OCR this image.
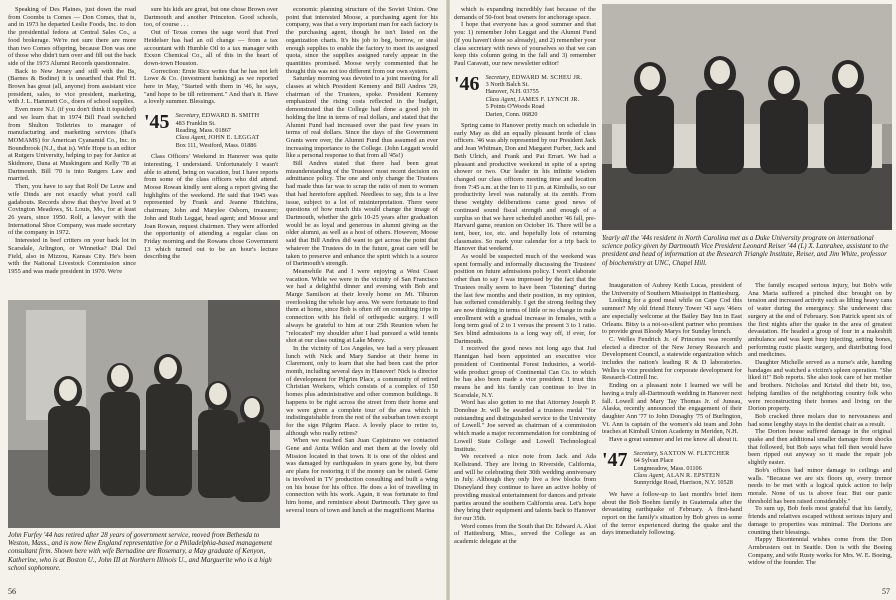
Speaking of Des Plaines, just down the road from Coombs is Comes — Don Comes, that is, and in 1973 he departed Leslie Foods, Inc. to don the presidential fedora at Central Sales Co., a food brokerage. We're not sure there are more than two Comes offspring, because Don was one of those who didn't turn over and fill out the back side of the 1973 Alumni Records questionnaire.

Back to New Jersey and still with the Bs, (Barnes & Bodine) it is unearthed that Phil H. Brown has great (all, anyone) from assistant vice president, sales, to vice president, marketing, with J. L. Hammett Co., doers of school supplies.

Even more N.J. (if you don't think it topsided) and we learn that in 1974 Bill Fead switched from Shulton Toiletries to manager of manufacturing and marketing services (that's MOMAMS) for American Cyanamid Co., Inc. in Boundbrook (N.J., that is). Wife Hope is an editor at Rutgers University, helping to pay for Janice at Skidmore, Dana at Muskingum and Kelly '78 at Dartmouth. Bill '70 is into Rutgers Law and married.

Then, you have to say that Rolf De Leuw and wife Dinds are not exactly what you'd call gadabouts. Records show that they've lived at 9 Covington Meadows, St. Louis, Mo., for at least 26 years, since 1950. Rolf, a lawyer with the International Shoe Company, was made secretary of the company in 1972.

Interested in beef critters on your back lot in Scarsdale, Arlington, or Winnetka? Dial Del Field, also in Mizzou, Kansas City. He's been with the National Livestock Commission since 1955 and was made president in 1970. We're

sure his kids are great, but one chose Brown over Dartmouth and another Princeton. Good schools, too, of course . . .

Out of Texas comes the sage word that Fred Heidelser has had an oil change — from a tax accountant with Humble Oil to a tax manager with Exxon Chemical Co., all of this in the heart of down-town Houston.

Correction: Ernie Rice writes that he has not left Lowe & Co. (investment banking) as we reported here in May, "Started with them in '46, he says, "and hope to be till retirement." And that's it. Have a lovely summer. Blessings.

'45 Secretary, EDWARD B. SMITH
483 Franklin St.
Reading, Mass. 01867
Class Agent, JOHN E. LEGGAT
Box 111, Westford, Mass. 01886

Class Officers' Weekend in Hanover was quite interesting, I understand. Unfortunately I wasn't able to attend, being on vacation, but I have reports from some of the class officers who did attend. Moose Rowan kindly sent along a report giving the highlights of the weekend. He said that 1945 was represented by Frank and Jeanne Hutchins, chairman; John and Marylee Osborn, treasurer; John and Ruth Leggat, head agent; and Moose and Joan Rowan, request chairmen. They were afforded the opportunity of attending a regular class on Friday morning and the Rowans chose Government 13 which turned out to be an hour's lecture describing the

economic planning structure of the Soviet Union. One point that interested Moose, a purchasing agent for his company, was that a very important man for each factory is the purchasing agent, though he isn't listed on the organization charts. It's his job to beg, borrow, or steal enough supplies to enable the factory to meet its assigned quota, since the supplies assigned rarely appear in the quantities promised. Moose wryly commented that he thought this was not too different from our own system.

Saturday morning was devoted to a joint meeting for all classes at which President Kemeny and Bill Andres '29, chairman of the Trustees, spoke. President Kemeny emphasized the rising costs reflected in the budget, demonstrated that the College had done a good job in holding the line in terms of real dollars, and stated that the Alumni Fund had increased over the past few years in terms of real dollars. Since the days of the Government Grants were over, the Alumni Fund thus assumed an ever increasing importance to the College. (John Leggatt would like a personal response to that from all '45s!)

Bill Andres stated that there had been great misunderstanding of the Trustees' most recent decision on admittance policy. The one and only change the Trustees had made thus far was to scrap the ratio of men to women that had heretofore applied. Needless to say, this is a live issue, subject to a lot of misinterpretation. There were questions of how much this would change the image of Dartmouth, whether the girls 10-25 years after graduation would be as loyal and generous in alumni giving as the older alumni, as well as a host of others. However, Moose said that Bill Andres did want to get across the point that whatever the Trustees do in the future, great care will be taken to preserve and enhance the spirit which is a source of Dartmouth's strength.

Meanwhile Pat and I were enjoying a West Coast vacation. While we were in the vicinity of San Francisco we had a delightful dinner and evening with Bob and Marge Samilson at their lovely home on Mt. Tiburon overlooking the whole bay area. We were fortunate to find them at home, since Bob is often off on consulting trips in connection with his field of orthopedic surgery. I will always be grateful to him at our 25th Reunion when he "relocated" my shoulder after I had pursued a wild tennis shot at our class outing at Lake Morey.

In the vicinity of Los Angeles, we had a very pleasant lunch with Nick and Mary Sandoe at their home in Claremont, only to learn that she had been cast the prior month, including several days in Hanover! Nick is director of development for Pilgrim Place, a community of retired Christian Workers, which consists of a complex of 150 homes plus administrative and other common buildings. It happens to be right across the street from their home and we were given a complete tour of the area which is indistinguishable from the rest of the suburban town except for the sign Pilgrim Place. A lovely place to retire to, although who really retires?

When we reached San Juan Capistrano we contacted Gene and Anita Wilkin and met them at the lovely old Mission located in that town. It is one of the oldest and was damaged by earthquakes in years gone by, but there are plans for restoring it if the money can be raised. Gene is involved in TV production consulting and built a wing on his house for his office. He does a lot of travelling in connection with his work. Again, it was fortunate to find him home, and reminisce about Dartmouth. They gave us several tours of town and lunch at the magnificent Marina

John Furfey '44 has retired after 28 years of government service, moved from Bethesda to Weston, Mass., and is now New England representative for a Philadelphia-based management consultant firm. Shown here with wife Bernadine are Rosemary, a May graduate of Kenyon, Katherine, who is at Boston U., John III at Northern Illinois U., and Marguerite who is a high school sophomore.
56

which is expanding incredibly fast because of the demands of 50-foot boat owners for anchorage space.

I hope that everyone has a good summer and that you: 1) remember John Leggat and the Alumni Fund (if you haven't done so already), and 2) remember your class secretary with news of yourselves so that we can keep this column going in the fall and 3) remember Paul Caravatt, our new newsletter editor!

'46 Secretary, EDWARD M. SCHEU JR.
3 North Balch St.
Hanover, N.H. 03755
Class Agent, JAMES F. LYNCH JR.
5 Points O'Woods Road
Darien, Conn. 06820

Spring came to Hanover pretty much on schedule in early May as did an equally pleasant horde of class officers. '46 was ably represented by our President Jack and Jean Whitman, Don and Margaret Furber, Jack and Beth Ulrich, and Frank and Pat Errart. We had a pleasant and productive weekend in spite of a spring shower or two. Our leader in his infinite wisdom changed our class officers meeting time and location from 7:45 a.m. at the Inn to 11 p.m. at Kimballs, so our productivity level was naturally at its zenith. From these weighty deliberations came good news of continued sound fiscal strength and enough of a surplus so that we have scheduled another '46 fall, pre-Harvard game, reunion on October 16. There will be a tent, beer, ice, etc. and hopefully lots of returning classmates. So mark your calendar for a trip back to Hanover that weekend.

As would be suspected much of the weekend was spent formally and informally discussing the Trustees' position on future admissions policy. I won't elaborate other than to say I was impressed by the fact that the Trustees really seem to have been "listening" during the last few months and their position, in my opinion, has softened considerably. I get the strong feeling they are now thinking in terms of little or no change in male enrollment with a gradual increase in females, with a long term goal of 2 to 1 versus the present 3 to 1 ratio. Sex blind admissions is a long way off, if ever, for Dartmouth.

I received the good news not long ago that Jud Hannigan had been appointed an executive vice president of Continental Forest Industries, a world-wide product group of Continental Can Co. to which he has also been made a vice president. I trust this means he and his family can continue to live in Scarsdale, N.Y.

Word has also gotten to me that Attorney Joseph P. Donohue Jr. will be awarded a trustees medal "for outstanding and distinguished service to the University of Lowell." Joe served as chairman of a commission which made a major recommendation for combining of Lowell State College and Lowell Technological Institute.

We received a nice note from Jack and Ada Kellstrand. They are living in Riverside, California, and will be celebrating their 30th wedding anniversary in July. Although they only live a few blocks from Disneyland they continue to have an active hobby of providing musical entertainment for dances and private parties around the southern California area. Let's hope they bring their equipment and talents back to Hanover for our 35th.

Word comes from the South that Dr. Edward A. Akst of Hattiesburg, Miss., served the College as an academic delegate at the

Yearly all the '44s resident in North Carolina met as a Duke University program on international science policy given by Dartmouth Vice President Leonard Reiser '44 (L) X. Lanrahee, assistant to the president and head of information at the Research Triangle Institute, Reiser, and Jim White, professor of biochemistry at UNC, Chapel Hill.

Inauguration of Aubrey Keith Lucas, president of the University of Southern Mississippi in Hattiesburg.

Looking for a good meal while on Cape Cod this summer? My old friend Henry Tower '43 says '46ers are especially welcome at the Bailey Bay Inn in East Orleans. Bitsy is a not-so-silent partner who promises to provide great Bloody Marys for Sunday brunch.

C. Welles Fendrich Jr. of Princeton was recently elected a director of the New Jersey Research and Development Council, a statewide organization which includes the nation's leading R & D laboratories. Welles is vice president for corporate development for Research-Cottrell Inc.

Ending on a pleasant note I learned we will be having a truly all-Dartmouth wedding in Hanover next fall. Lowell and Mary Tay Thomas Jr. of Juneau, Alaska, recently announced the engagement of their daughter Ann '77 to John Donaghy '75 of Burlington, Vt. Ann is captain of the women's ski team and John teaches at Kimball Union Academy in Meriden, N.H.

Have a great summer and let me know all about it.

'47 Secretary, SAXTON W. FLETCHER
64 Sylvan Place
Longmeadow, Mass. 01106
Class Agent, ALAN R. EPSTEIN
Sunnyridge Road, Harrison, N.Y. 10528

We have a follow-up to last month's brief item about the Bob Boehm family in Guatemala after the devastating earthquake of February. A first-hand report on the family's situation by Bob gives us some of the terror experienced during the quake and the days immediately following.

The family escaped serious injury, but Bob's wife Ana Maria suffered a pinched disc brought on by tension and increased activity such as lifting heavy cans of water during the emergency. She underwent disc surgery at the end of February. Son Patrick spent six of the first nights after the quake in the area of greatest devastation. He headed a group of four in a makeshift ambulance and was kept busy injecting, setting bones, performing rustic plastic surgery, and distributing food and medicines.

Daughter Michelle served as a nurse's aide, handing bandages and watched a victim's spleen operation. "She liked it!" Bob reports. She also took care of her mother and brothers. Nicholas and Kristel did their bit, too, helping families of the neighboring country folk who were reconstructing their homes and living on the Dorion property.

Bob cracked three molars due to nervousness and had some lengthy stays in the dentist chair as a result.

The Dorion house suffered damage in the original quake and then additional smaller damage from shocks that followed, but Bob says what fell then would have been ripped out anyway so it made the repair job slightly easier.

Bob's offices had minor damage to ceilings and walls. "Because we are six floors up, every tremor needs to be met with a logical quick action to help morale. None of us is above fear. But our panic threshold has been raised considerably."

To sum up, Bob feels most grateful that his family, friends and relatives escaped without serious injury and damage to properties was minimal. The Dorions are counting their blessings.

Happy Bicentennial wishes come from the Don Armbrusters out in Seattle. Don is with the Boeing Company, and wife Rusty works for Mrs. W. E. Boeing, widow of the founder. The

57
